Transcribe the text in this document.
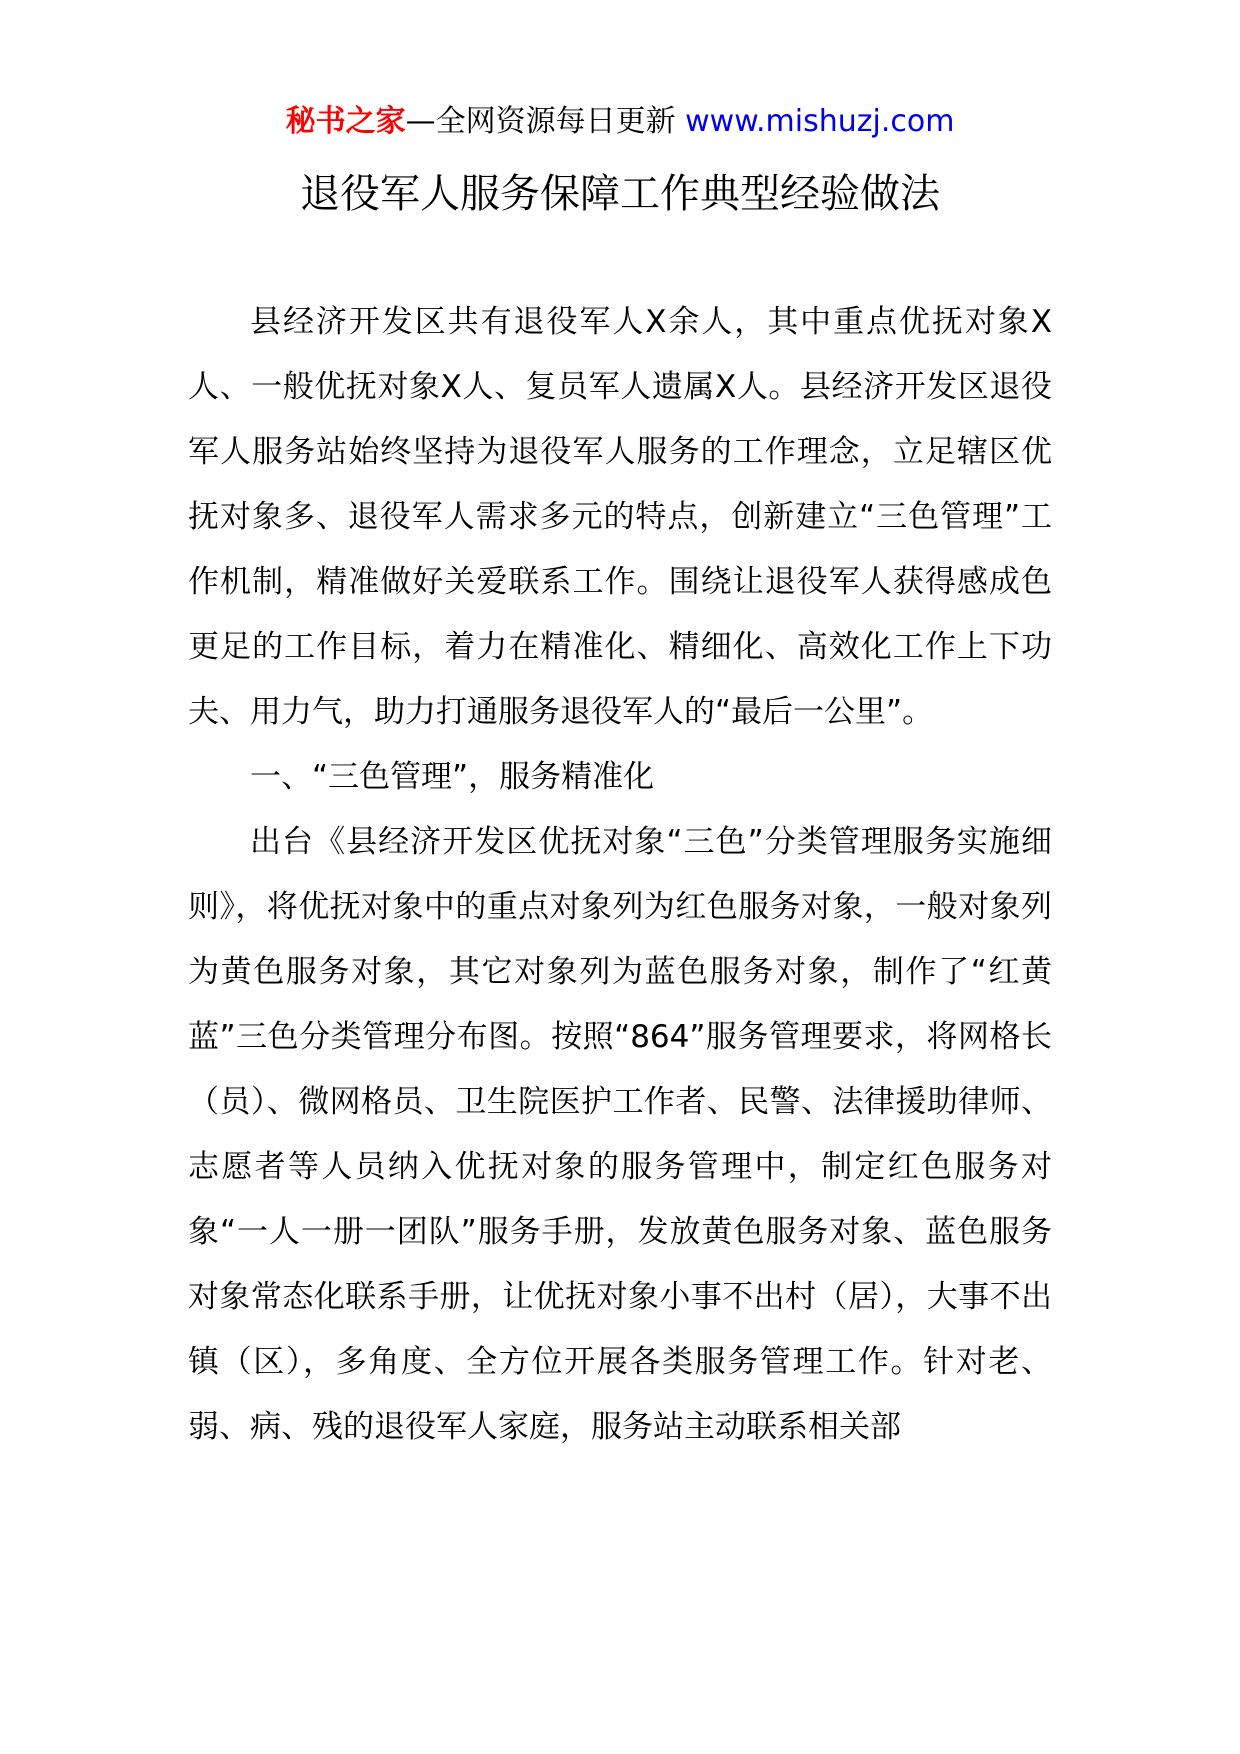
秘书之家—全网资源每日更新 www.mishuzj.com
退役军人服务保障工作典型经验做法

县经济开发区共有退役军人X余人，其中重点优抚对象X人、一般优抚对象X人、复员军人遗属X人。县经济开发区退役军人服务站始终坚持为退役军人服务的工作理念，立足辖区优抚对象多、退役军人需求多元的特点，创新建立“三色管理”工作机制，精准做好关爱联系工作。围绕让退役军人获得感成色更足的工作目标，着力在精准化、精细化、高效化工作上下功夫、用力气，助力打通服务退役军人的“最后一公里”。

一、“三色管理”，服务精准化

出台《县经济开发区优抚对象“三色”分类管理服务实施细则》，将优抚对象中的重点对象列为红色服务对象，一般对象列为黄色服务对象，其它对象列为蓝色服务对象，制作了“红黄蓝”三色分类管理分布图。按照“864”服务管理要求，将网格长（员）、微网格员、卫生院医护工作者、民警、法律援助律师、志愿者等人员纳入优抚对象的服务管理中，制定红色服务对象“一人一册一团队”服务手册，发放黄色服务对象、蓝色服务对象常态化联系手册，让优抚对象小事不出村（居），大事不出镇（区），多角度、全方位开展各类服务管理工作。针对老、弱、病、残的退役军人家庭，服务站主动联系相关部
